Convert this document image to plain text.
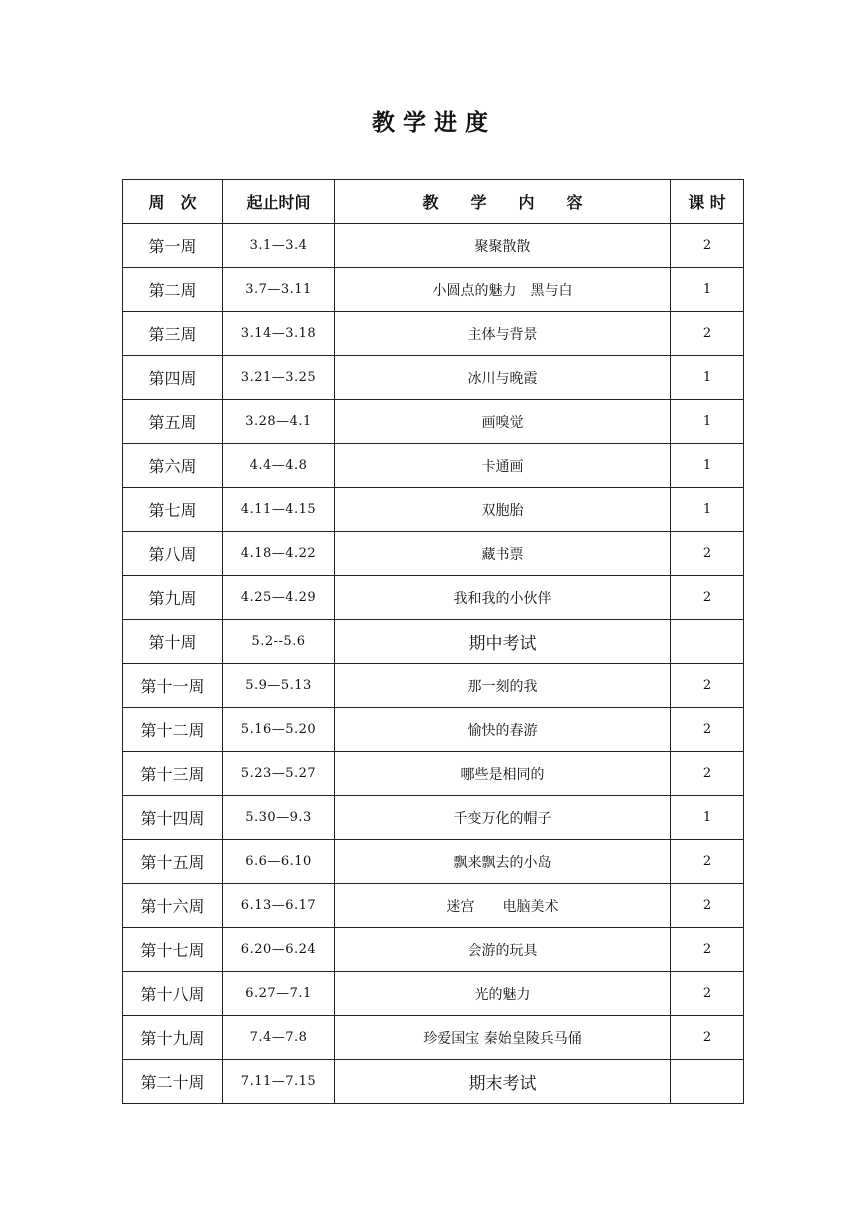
教 学 进 度
周　次	起止时间	教　　学　　内　　容	课 时
第一周	3.1—3.4	聚聚散散	2
第二周	3.7—3.11	小圆点的魅力　黑与白	1
第三周	3.14—3.18	主体与背景	2
第四周	3.21—3.25	冰川与晚霞	1
第五周	3.28—4.1	画嗅觉	1
第六周	4.4—4.8	卡通画	1
第七周	4.11—4.15	双胞胎	1
第八周	4.18—4.22	藏书票	2
第九周	4.25—4.29	我和我的小伙伴	2
第十周	5.2--5.6	期中考试	
第十一周	5.9—5.13	那一刻的我	2
第十二周	5.16—5.20	愉快的春游	2
第十三周	5.23—5.27	哪些是相同的	2
第十四周	5.30—9.3	千变万化的帽子	1
第十五周	6.6—6.10	飘来飘去的小岛	2
第十六周	6.13—6.17	迷宫　　电脑美术	2
第十七周	6.20—6.24	会游的玩具	2
第十八周	6.27—7.1	光的魅力	2
第十九周	7.4—7.8	珍爱国宝 秦始皇陵兵马俑	2
第二十周	7.11—7.15	期末考试	
